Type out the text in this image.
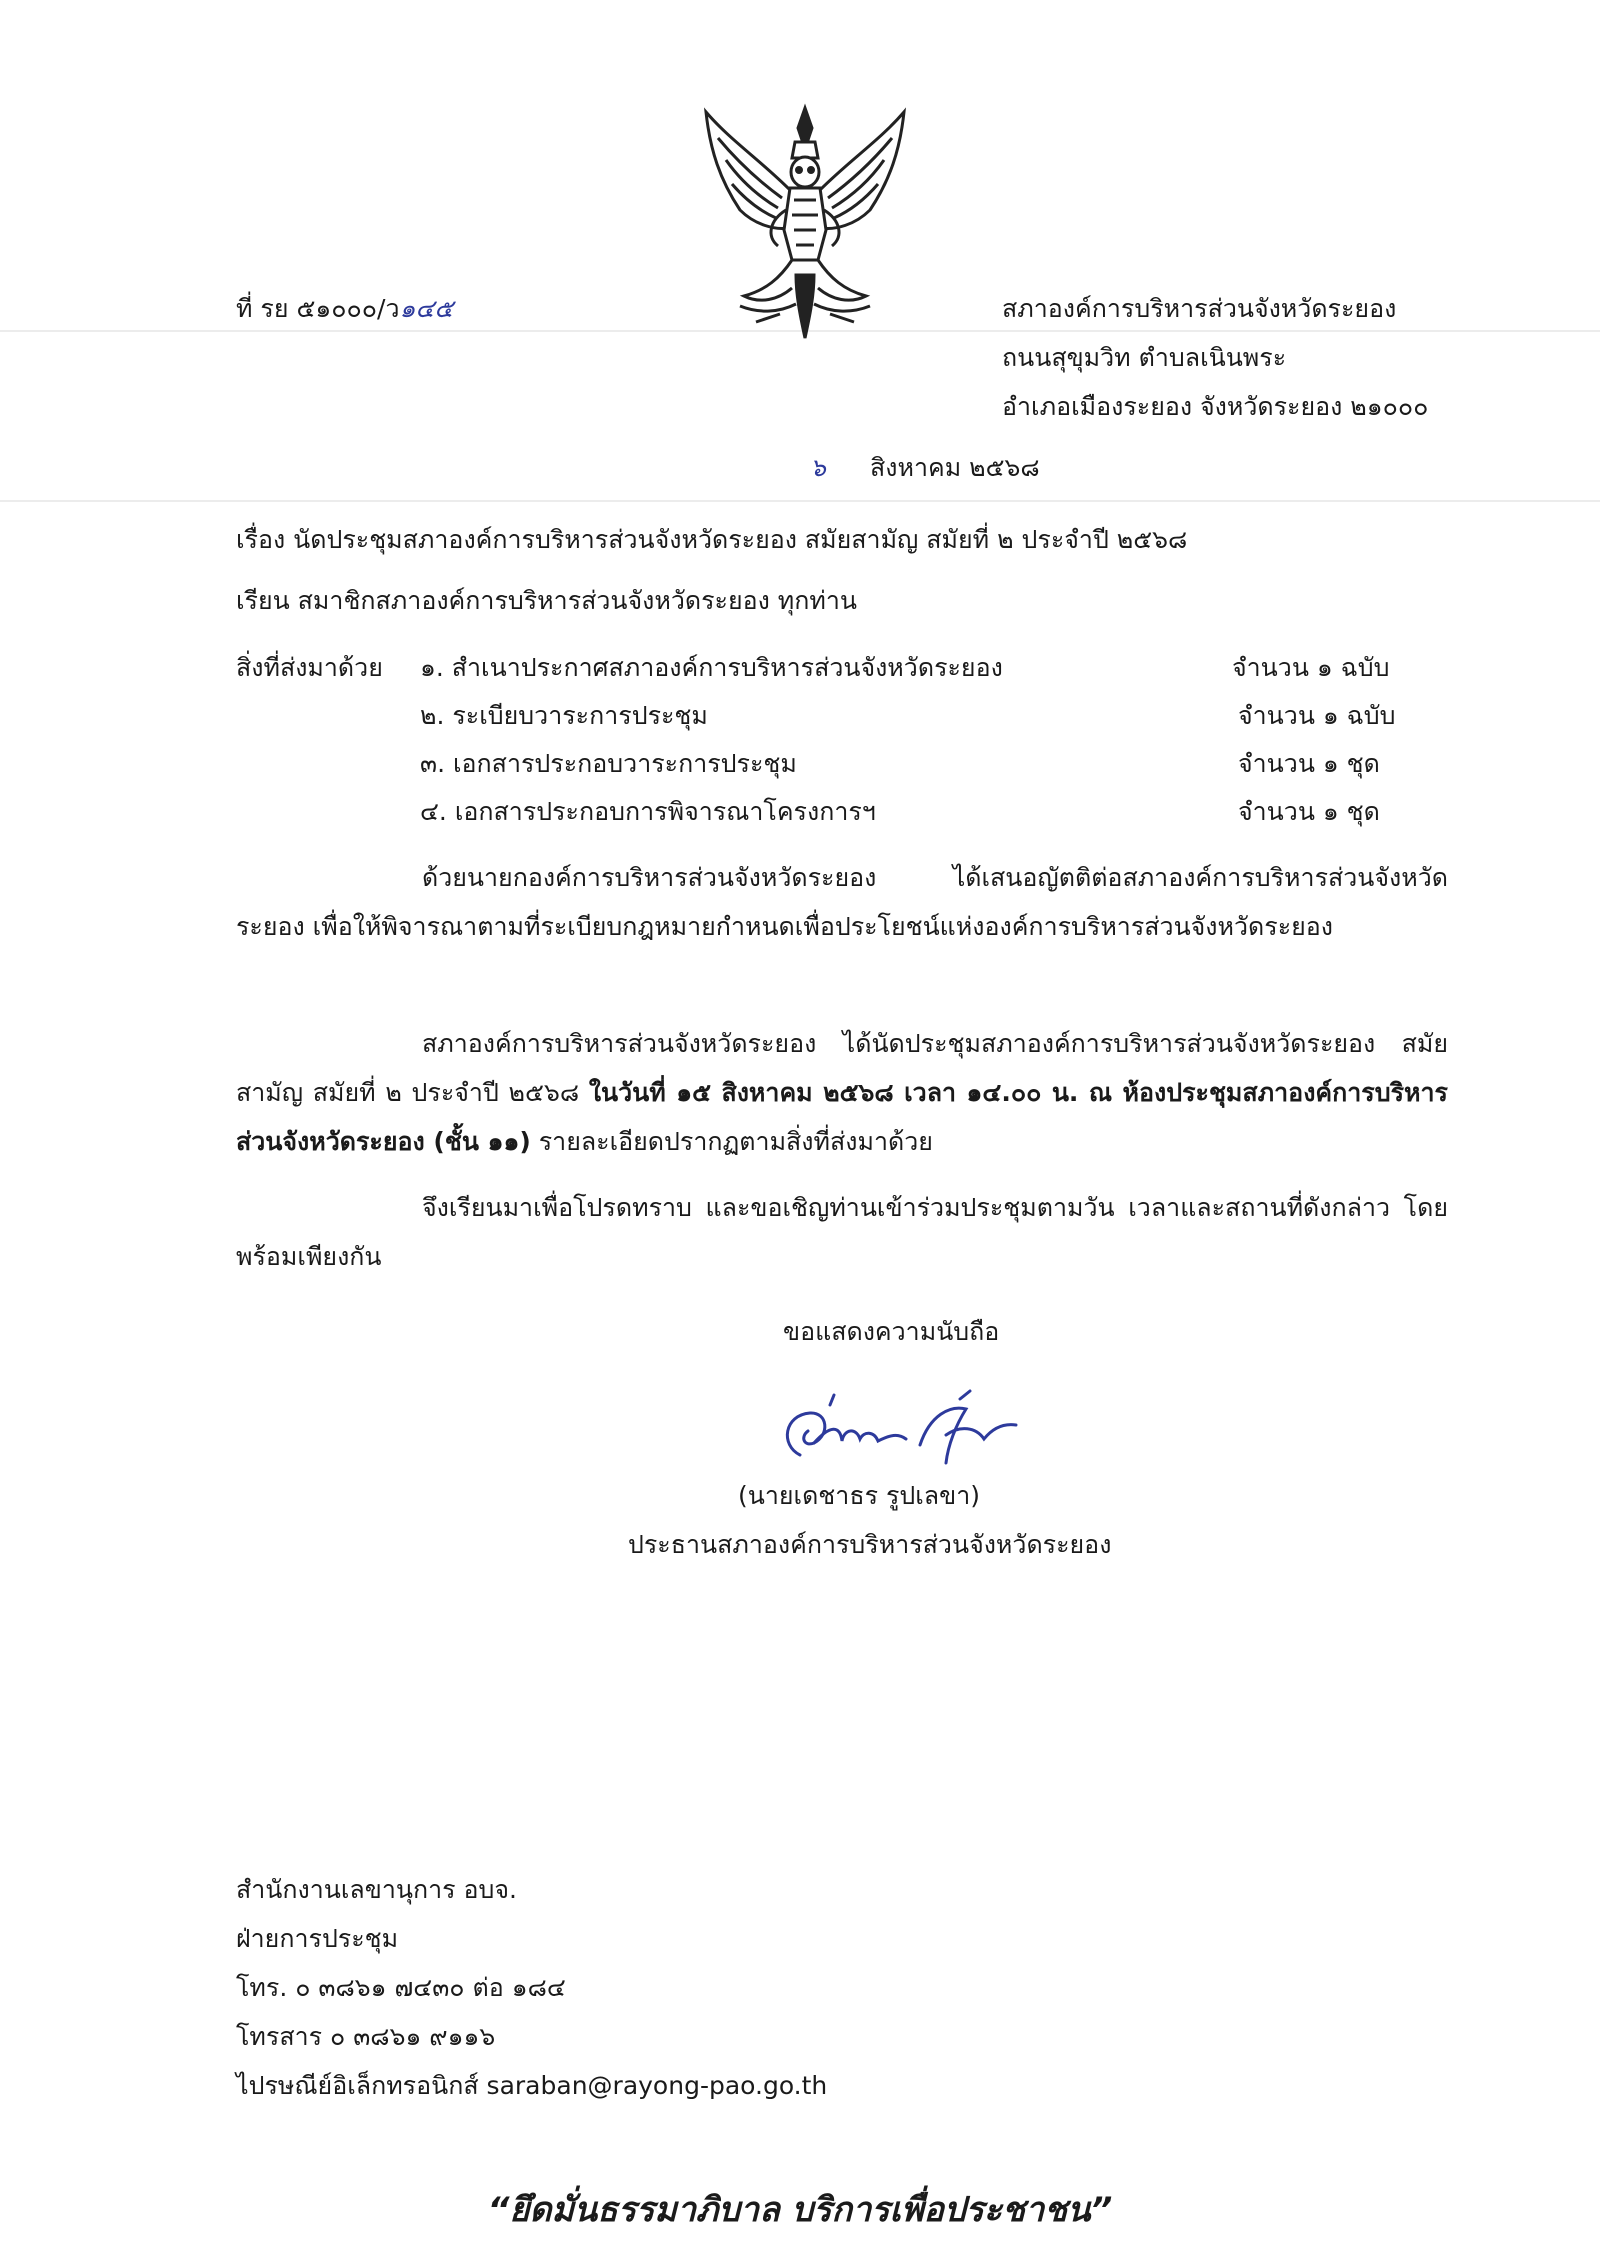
ที่ รย ๕๑๐๐๐/ว๑๔๕	สภาองค์การบริหารส่วนจังหวัดระยอง
ถนนสุขุมวิท ตำบลเนินพระ
อำเภอเมืองระยอง จังหวัดระยอง ๒๑๐๐๐
๖ สิงหาคม ๒๕๖๘
เรื่อง นัดประชุมสภาองค์การบริหารส่วนจังหวัดระยอง สมัยสามัญ สมัยที่ ๒ ประจำปี ๒๕๖๘
เรียน สมาชิกสภาองค์การบริหารส่วนจังหวัดระยอง ทุกท่าน
สิ่งที่ส่งมาด้วย ๑. สำเนาประกาศสภาองค์การบริหารส่วนจังหวัดระยอง	จำนวน ๑ ฉบับ
๒. ระเบียบวาระการประชุม	จำนวน ๑ ฉบับ
๓. เอกสารประกอบวาระการประชุม	จำนวน ๑ ชุด
๔. เอกสารประกอบการพิจารณาโครงการฯ	จำนวน ๑ ชุด

ด้วยนายกองค์การบริหารส่วนจังหวัดระยอง ได้เสนอญัตติต่อสภาองค์การบริหารส่วนจังหวัดระยอง เพื่อให้พิจารณาตามที่ระเบียบกฎหมายกำหนดเพื่อประโยชน์แห่งองค์การบริหารส่วนจังหวัดระยอง

สภาองค์การบริหารส่วนจังหวัดระยอง ได้นัดประชุมสภาองค์การบริหารส่วนจังหวัดระยอง สมัยสามัญ สมัยที่ ๒ ประจำปี ๒๕๖๘ ในวันที่ ๑๕ สิงหาคม ๒๕๖๘ เวลา ๑๔.๐๐ น. ณ ห้องประชุมสภาองค์การบริหารส่วนจังหวัดระยอง (ชั้น ๑๑) รายละเอียดปรากฏตามสิ่งที่ส่งมาด้วย

จึงเรียนมาเพื่อโปรดทราบ และขอเชิญท่านเข้าร่วมประชุมตามวัน เวลาและสถานที่ดังกล่าว โดยพร้อมเพียงกัน

ขอแสดงความนับถือ
(นายเดชาธร รูปเลขา)
ประธานสภาองค์การบริหารส่วนจังหวัดระยอง
สำนักงานเลขานุการ อบจ.
ฝ่ายการประชุม
โทร. ๐ ๓๘๖๑ ๗๔๓๐ ต่อ ๑๘๔
โทรสาร ๐ ๓๘๖๑ ๙๑๑๖
ไปรษณีย์อิเล็กทรอนิกส์ saraban@rayong-pao.go.th
“ยึดมั่นธรรมาภิบาล บริการเพื่อประชาชน”
